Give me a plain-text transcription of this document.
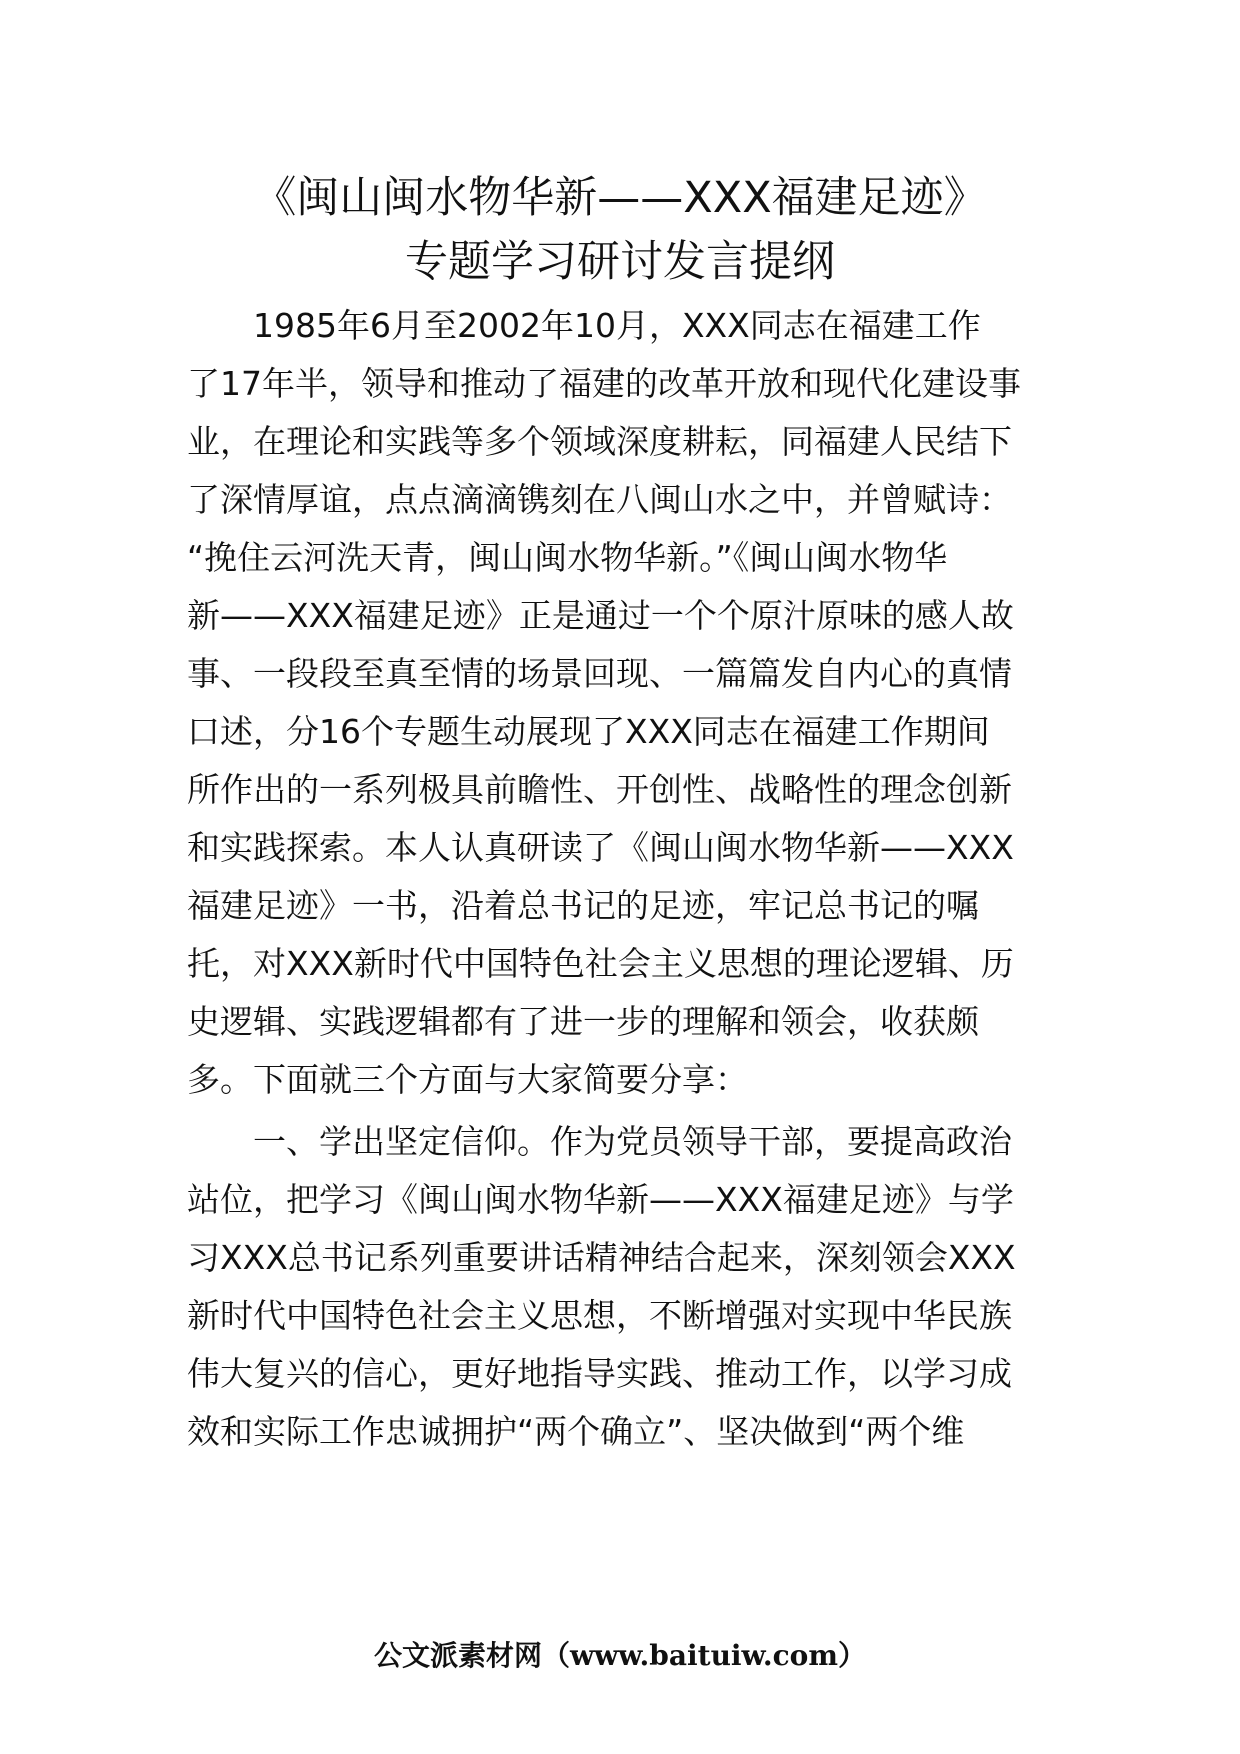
《闽山闽水物华新——XXX福建足迹》
专题学习研讨发言提纲
　　1985年6月至2002年10月，XXX同志在福建工作
了17年半，领导和推动了福建的改革开放和现代化建设事
业，在理论和实践等多个领域深度耕耘，同福建人民结下
了深情厚谊，点点滴滴镌刻在八闽山水之中，并曾赋诗：
“挽住云河洗天青，闽山闽水物华新。”《闽山闽水物华
新——XXX福建足迹》正是通过一个个原汁原味的感人故
事、一段段至真至情的场景回现、一篇篇发自内心的真情
口述，分16个专题生动展现了XXX同志在福建工作期间
所作出的一系列极具前瞻性、开创性、战略性的理念创新
和实践探索。本人认真研读了《闽山闽水物华新——XXX
福建足迹》一书，沿着总书记的足迹，牢记总书记的嘱
托，对XXX新时代中国特色社会主义思想的理论逻辑、历
史逻辑、实践逻辑都有了进一步的理解和领会，收获颇
多。下面就三个方面与大家简要分享：
　　一、学出坚定信仰。作为党员领导干部，要提高政治
站位，把学习《闽山闽水物华新——XXX福建足迹》与学
习XXX总书记系列重要讲话精神结合起来，深刻领会XXX
新时代中国特色社会主义思想，不断增强对实现中华民族
伟大复兴的信心，更好地指导实践、推动工作，以学习成
效和实际工作忠诚拥护“两个确立”、坚决做到“两个维
公文派素材网（www.baituiw.com）
